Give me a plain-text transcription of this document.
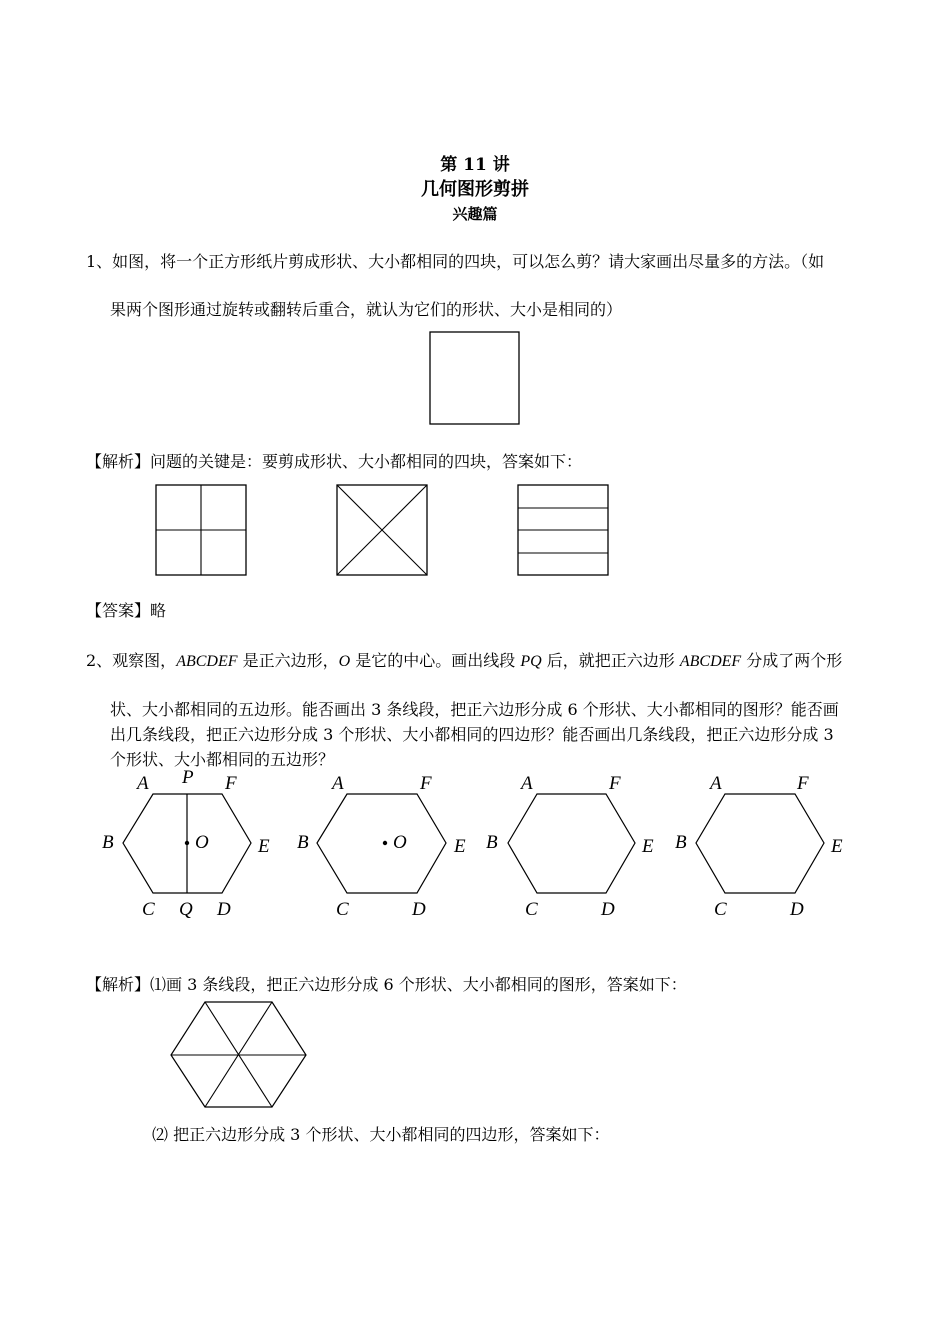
第 11 讲
几何图形剪拼
兴趣篇
1、如图，将一个正方形纸片剪成形状、大小都相同的四块，可以怎么剪？请大家画出尽量多的方法。（如
果两个图形通过旋转或翻转后重合，就认为它们的形状、大小是相同的）
【解析】问题的关键是：要剪成形状、大小都相同的四块，答案如下：
【答案】略
2、观察图，ABCDEF 是正六边形，O 是它的中心。画出线段 PQ 后，就把正六边形 ABCDEF 分成了两个形
状、大小都相同的五边形。能否画出 3 条线段，把正六边形分成 6 个形状、大小都相同的图形？能否画
出几条线段，把正六边形分成 3 个形状、大小都相同的四边形？能否画出几条线段，把正六边形分成 3
个形状、大小都相同的五边形？
A P F
B	O	E
C Q D
A	F
B	O E
C	D
A	F
B	E
C	D
A	F
B	E
C	D
【解析】⑴画 3 条线段，把正六边形分成 6 个形状、大小都相同的图形，答案如下：
⑵ 把正六边形分成 3 个形状、大小都相同的四边形，答案如下：
